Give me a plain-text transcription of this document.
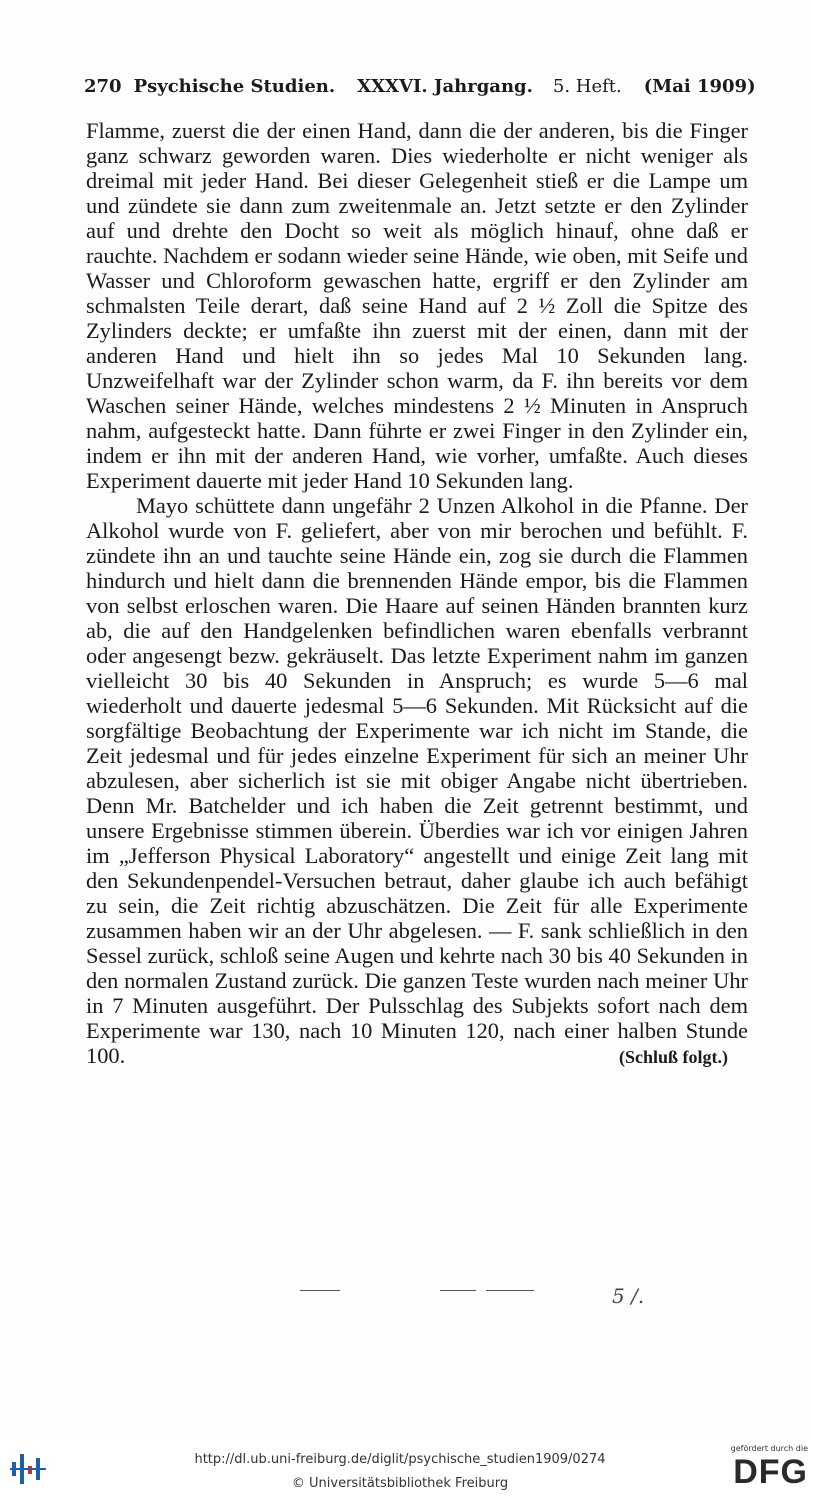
270 Psychische Studien. XXXVI. Jahrgang. 5. Heft. (Mai 1909)

Flamme, zuerst die der einen Hand, dann die der anderen, bis die Finger ganz schwarz geworden waren. Dies wiederholte er nicht weniger als dreimal mit jeder Hand. Bei dieser Gelegenheit stieß er die Lampe um und zündete sie dann zum zweitenmale an. Jetzt setzte er den Zylinder auf und drehte den Docht so weit als möglich hinauf, ohne daß er rauchte. Nachdem er sodann wieder seine Hände, wie oben, mit Seife und Wasser und Chloroform gewaschen hatte, ergriff er den Zylinder am schmalsten Teile derart, daß seine Hand auf 2 ½ Zoll die Spitze des Zylinders deckte; er umfaßte ihn zuerst mit der einen, dann mit der anderen Hand und hielt ihn so jedes Mal 10 Sekunden lang. Unzweifelhaft war der Zylinder schon warm, da F. ihn bereits vor dem Waschen seiner Hände, welches mindestens 2 ½ Minuten in Anspruch nahm, aufgesteckt hatte. Dann führte er zwei Finger in den Zylinder ein, indem er ihn mit der anderen Hand, wie vorher, umfaßte. Auch dieses Experiment dauerte mit jeder Hand 10 Sekunden lang.

Mayo schüttete dann ungefähr 2 Unzen Alkohol in die Pfanne. Der Alkohol wurde von F. geliefert, aber von mir berochen und befühlt. F. zündete ihn an und tauchte seine Hände ein, zog sie durch die Flammen hindurch und hielt dann die brennenden Hände empor, bis die Flammen von selbst erloschen waren. Die Haare auf seinen Händen brannten kurz ab, die auf den Handgelenken befindlichen waren ebenfalls verbrannt oder angesengt bezw. gekräuselt. Das letzte Experiment nahm im ganzen vielleicht 30 bis 40 Sekunden in Anspruch; es wurde 5—6 mal wiederholt und dauerte jedesmal 5—6 Sekunden. Mit Rücksicht auf die sorgfältige Beobachtung der Experimente war ich nicht im Stande, die Zeit jedesmal und für jedes einzelne Experiment für sich an meiner Uhr abzulesen, aber sicherlich ist sie mit obiger Angabe nicht übertrieben. Denn Mr. Batchelder und ich haben die Zeit getrennt bestimmt, und unsere Ergebnisse stimmen überein. Überdies war ich vor einigen Jahren im „Jefferson Physical Laboratory“ angestellt und einige Zeit lang mit den Sekundenpendel-Versuchen betraut, daher glaube ich auch befähigt zu sein, die Zeit richtig abzuschätzen. Die Zeit für alle Experimente zusammen haben wir an der Uhr abgelesen. — F. sank schließlich in den Sessel zurück, schloß seine Augen und kehrte nach 30 bis 40 Sekunden in den normalen Zustand zurück. Die ganzen Teste wurden nach meiner Uhr in 7 Minuten ausgeführt. Der Pulsschlag des Subjekts sofort nach dem Experimente war 130, nach 10 Minuten 120, nach einer halben Stunde 100.	(Schluß folgt.)

5 /.
http://dl.ub.uni-freiburg.de/diglit/psychische_studien1909/0274
© Universitätsbibliothek Freiburg
gefördert durch die
DFG
